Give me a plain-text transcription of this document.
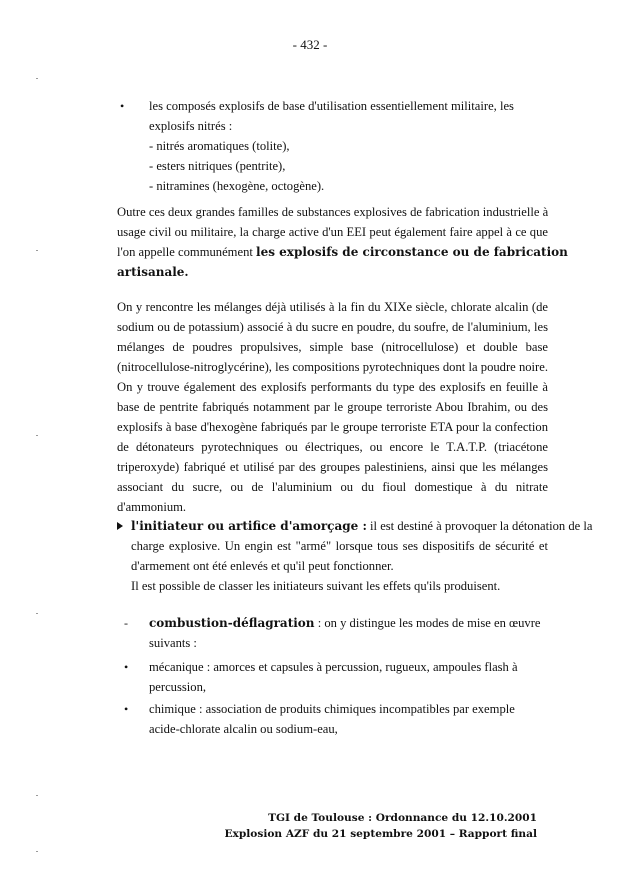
- 432 -
• les composés explosifs de base d'utilisation essentiellement militaire, les
explosifs nitrés :
- nitrés aromatiques (tolite),
- esters nitriques (pentrite),
- nitramines (hexogène, octogène).
Outre ces deux grandes familles de substances explosives de fabrication industrielle à
usage civil ou militaire, la charge active d'un EEI peut également faire appel à ce que
l'on appelle communément les explosifs de circonstance ou de fabrication
artisanale.
On y rencontre les mélanges déjà utilisés à la fin du XIXe siècle, chlorate alcalin (de
sodium ou de potassium) associé à du sucre en poudre, du soufre, de l'aluminium, les
mélanges de poudres propulsives, simple base (nitrocellulose) et double base
(nitrocellulose-nitroglycérine), les compositions pyrotechniques dont la poudre noire.
On y trouve également des explosifs performants du type des explosifs en feuille à
base de pentrite fabriqués notamment par le groupe terroriste Abou Ibrahim, ou des
explosifs à base d'hexogène fabriqués par le groupe terroriste ETA pour la confection
de détonateurs pyrotechniques ou électriques, ou encore le T.A.T.P. (triacétone
triperoxyde) fabriqué et utilisé par des groupes palestiniens, ainsi que les mélanges
associant du sucre, ou de l'aluminium ou du fioul domestique à du nitrate
d'ammonium.
l'initiateur ou artifice d'amorçage : il est destiné à provoquer la détonation de la
charge explosive. Un engin est "armé" lorsque tous ses dispositifs de sécurité et
d'armement ont été enlevés et qu'il peut fonctionner.
Il est possible de classer les initiateurs suivant les effets qu'ils produisent.
- combustion-déflagration : on y distingue les modes de mise en œuvre
suivants :
• mécanique : amorces et capsules à percussion, rugueux, ampoules flash à
percussion,
• chimique : association de produits chimiques incompatibles par exemple
acide-chlorate alcalin ou sodium-eau,
TGI de Toulouse : Ordonnance du 12.10.2001
Explosion AZF du 21 septembre 2001 – Rapport final
